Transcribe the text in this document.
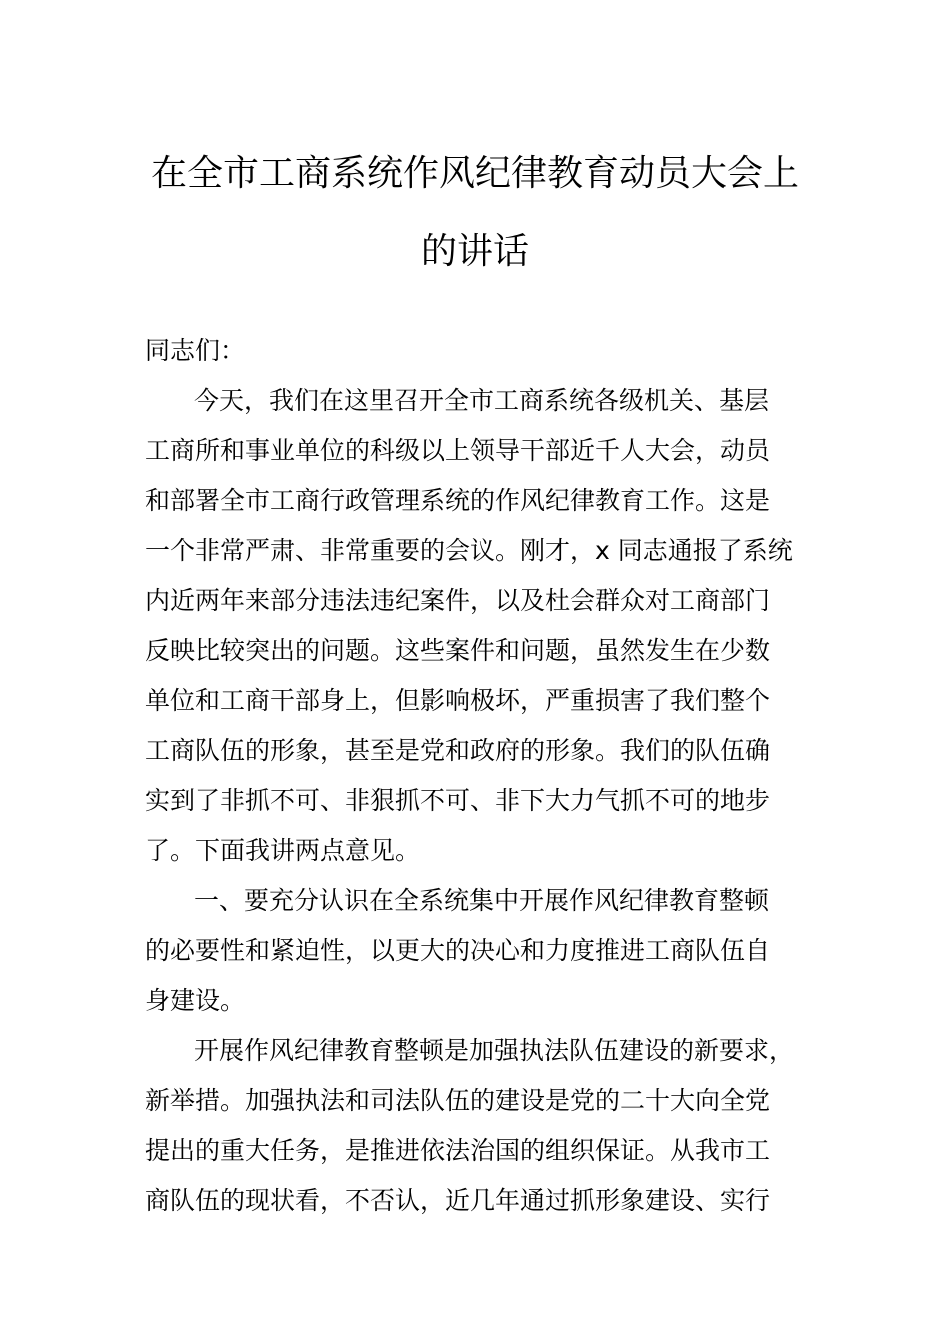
在全市工商系统作风纪律教育动员大会上
的讲话
同志们：
今天，我们在这里召开全市工商系统各级机关、基层
工商所和事业单位的科级以上领导干部近千人大会，动员
和部署全市工商行政管理系统的作风纪律教育工作。这是
一个非常严肃、非常重要的会议。刚才，x 同志通报了系统
内近两年来部分违法违纪案件，以及杜会群众对工商部门
反映比较突出的问题。这些案件和问题，虽然发生在少数
单位和工商干部身上，但影响极坏，严重损害了我们整个
工商队伍的形象，甚至是党和政府的形象。我们的队伍确
实到了非抓不可、非狠抓不可、非下大力气抓不可的地步
了。下面我讲两点意见。
一、要充分认识在全系统集中开展作风纪律教育整顿
的必要性和紧迫性，以更大的决心和力度推进工商队伍自
身建设。
开展作风纪律教育整顿是加强执法队伍建设的新要求，
新举措。加强执法和司法队伍的建设是党的二十大向全党
提出的重大任务，是推进依法治国的组织保证。从我市工
商队伍的现状看，不否认，近几年通过抓形象建设、实行
